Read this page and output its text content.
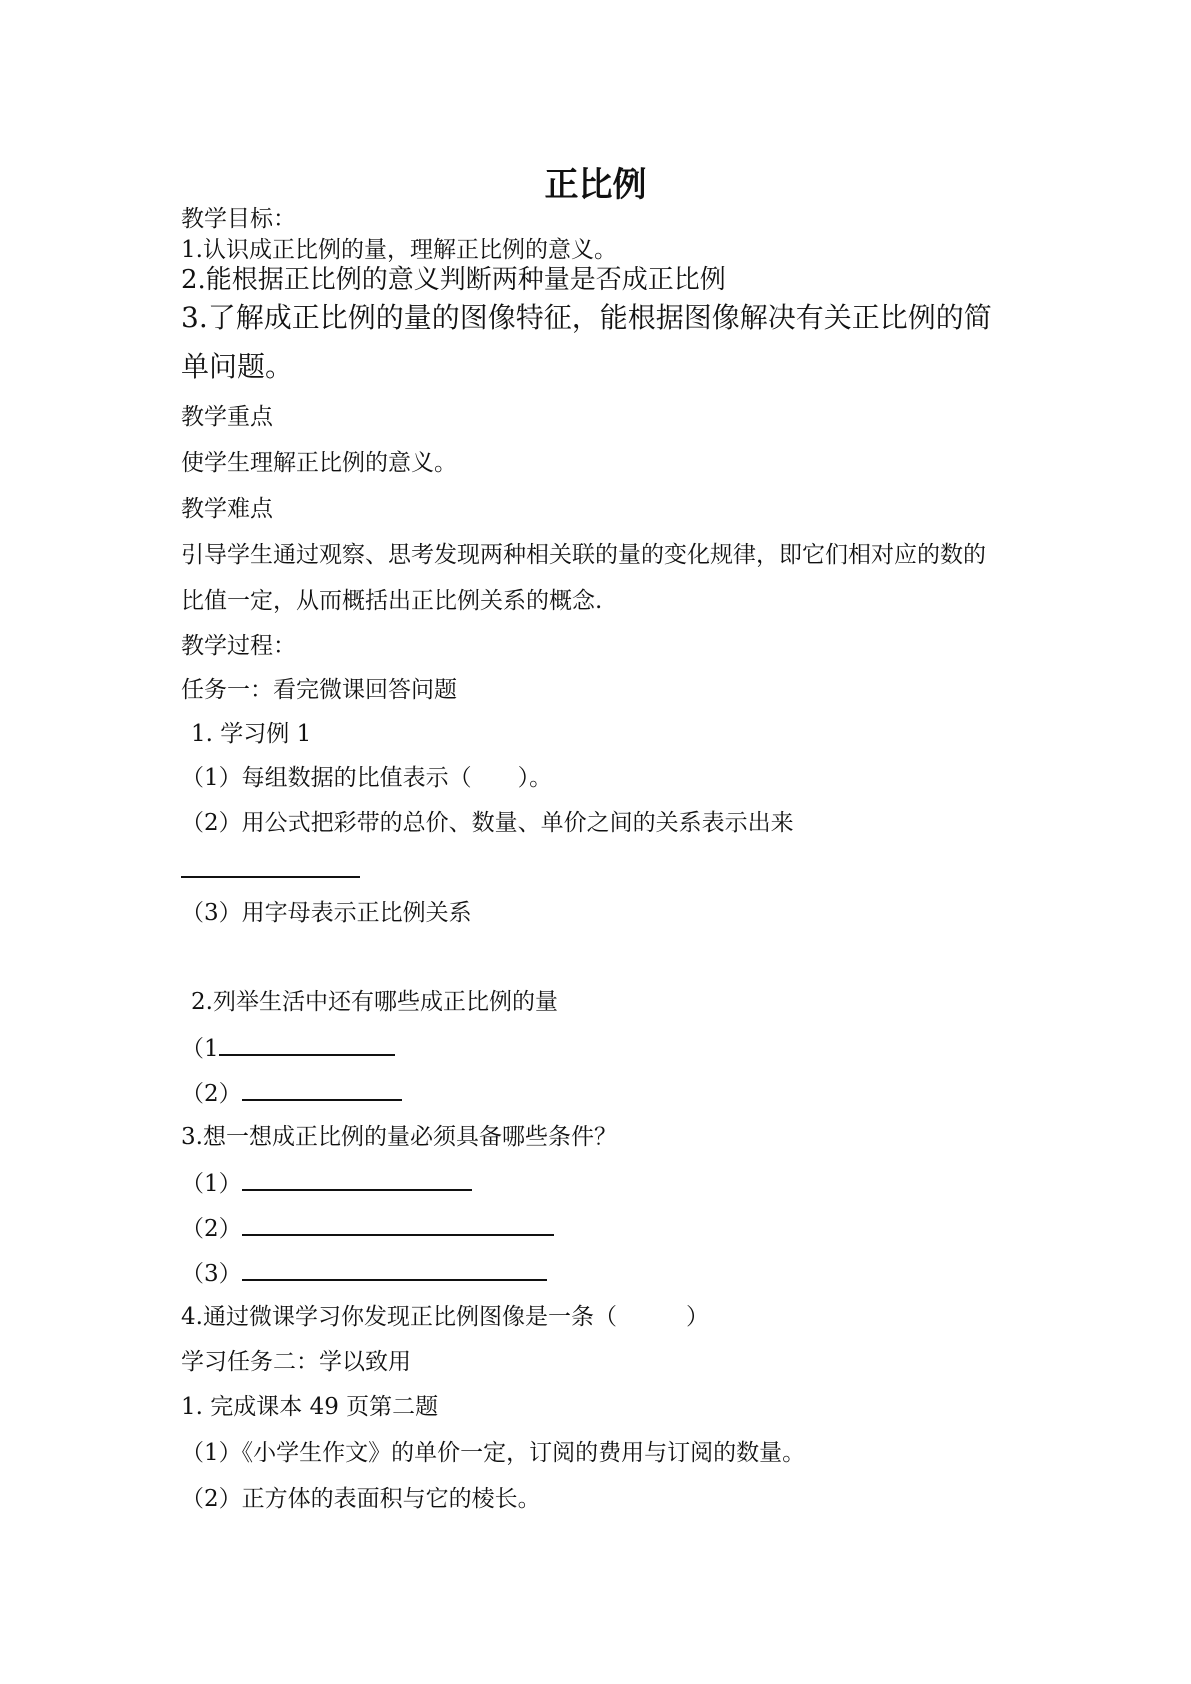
正比例
教学目标：
1.认识成正比例的量，理解正比例的意义。
2.能根据正比例的意义判断两种量是否成正比例
3.了解成正比例的量的图像特征，能根据图像解决有关正比例的简
单问题。
教学重点
使学生理解正比例的意义。
教学难点
引导学生通过观察、思考发现两种相关联的量的变化规律，即它们相对应的数的
比值一定，从而概括出正比例关系的概念.
教学过程：
任务一：看完微课回答问题
1. 学习例 1
（1）每组数据的比值表示（　　）。
（2）用公式把彩带的总价、数量、单价之间的关系表示出来
（3）用字母表示正比例关系
2.列举生活中还有哪些成正比例的量
（1
（2）
3.想一想成正比例的量必须具备哪些条件？
（1）
（2）
（3）
4.通过微课学习你发现正比例图像是一条（　　　）
学习任务二：学以致用
1. 完成课本 49 页第二题
（1）《小学生作文》的单价一定，订阅的费用与订阅的数量。
（2）正方体的表面积与它的棱长。
